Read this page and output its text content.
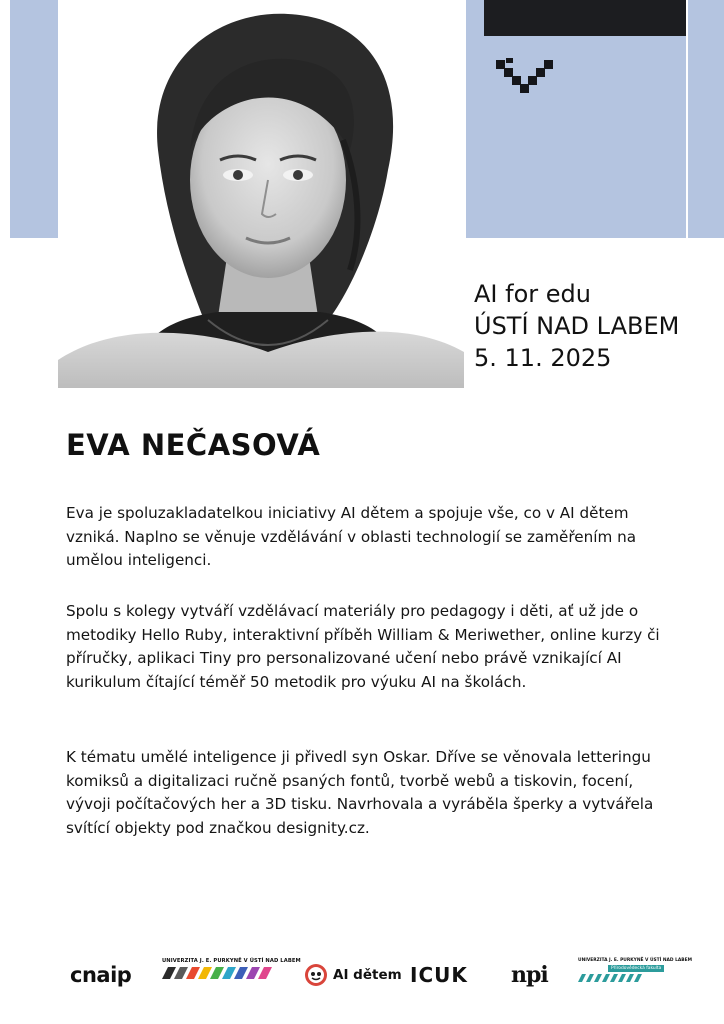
AI for edu
ÚSTÍ NAD LABEM
5. 11. 2025
EVA NEČASOVÁ
Eva je spoluzakladatelkou iniciativy AI dětem a spojuje vše, co v AI dětem vzniká. Naplno se věnuje vzdělávání v oblasti technologií se zaměřením na umělou inteligenci.
Spolu s kolegy vytváří vzdělávací materiály pro pedagogy i děti, ať už jde o metodiky Hello Ruby, interaktivní příběh William & Meriwether, online kurzy či příručky, aplikaci Tiny pro personalizované učení nebo právě vznikající AI kurikulum čítající téměř 50 metodik pro výuku AI na školách.
K tématu umělé inteligence ji přivedl syn Oskar. Dříve se věnovala letteringu komiksů a digitalizaci ručně psaných fontů, tvorbě webů a tiskovin, focení, vývoji počítačových her a 3D tisku. Navrhovala a vyráběla šperky a vytvářela svítící objekty pod značkou designity.cz.
cnaip
UNIVERZITA J. E. PURKYNĚ V ÚSTÍ NAD LABEM
AI dětem ICUK npi
UNIVERZITA J. E. PURKYNĚ V ÚSTÍ NAD LABEM
Přírodovědecká fakulta
